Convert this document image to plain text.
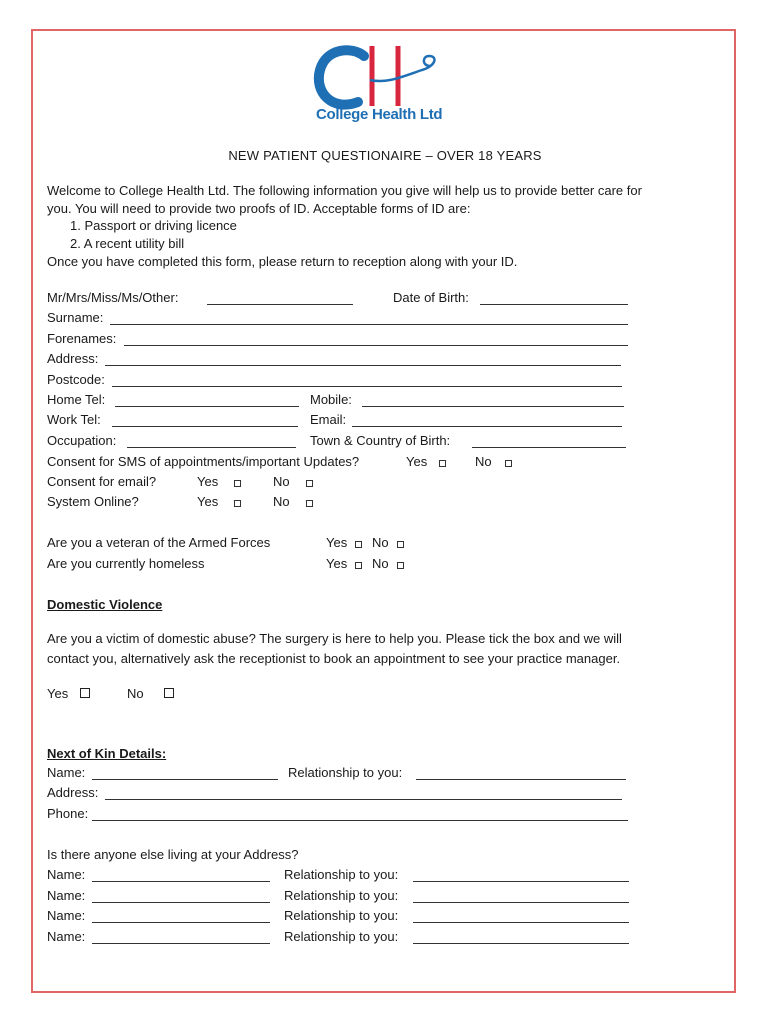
College Health Ltd
NEW PATIENT QUESTIONAIRE – OVER 18 YEARS
Welcome to College Health Ltd. The following information you give will help us to provide better care for
you. You will need to provide two proofs of ID. Acceptable forms of ID are:
1. Passport or driving licence
2. A recent utility bill
Once you have completed this form, please return to reception along with your ID.
Mr/Mrs/Miss/Ms/Other:	Date of Birth:
Surname:
Forenames:
Address:
Postcode:
Home Tel:	Mobile:
Work Tel:	Email:
Occupation:	Town & Country of Birth:
Consent for SMS of appointments/important Updates?	Yes	No
Consent for email?	Yes	No
System Online?	Yes	No
Are you a veteran of the Armed Forces	Yes No
Are you currently homeless	Yes No
Domestic Violence
Are you a victim of domestic abuse? The surgery is here to help you. Please tick the box and we will
contact you, alternatively ask the receptionist to book an appointment to see your practice manager.
Yes	No
Next of Kin Details:
Name:	Relationship to you:
Address:
Phone:
Is there anyone else living at your Address?
Name:	Relationship to you:
Name:	Relationship to you:
Name:	Relationship to you:
Name:	Relationship to you:
